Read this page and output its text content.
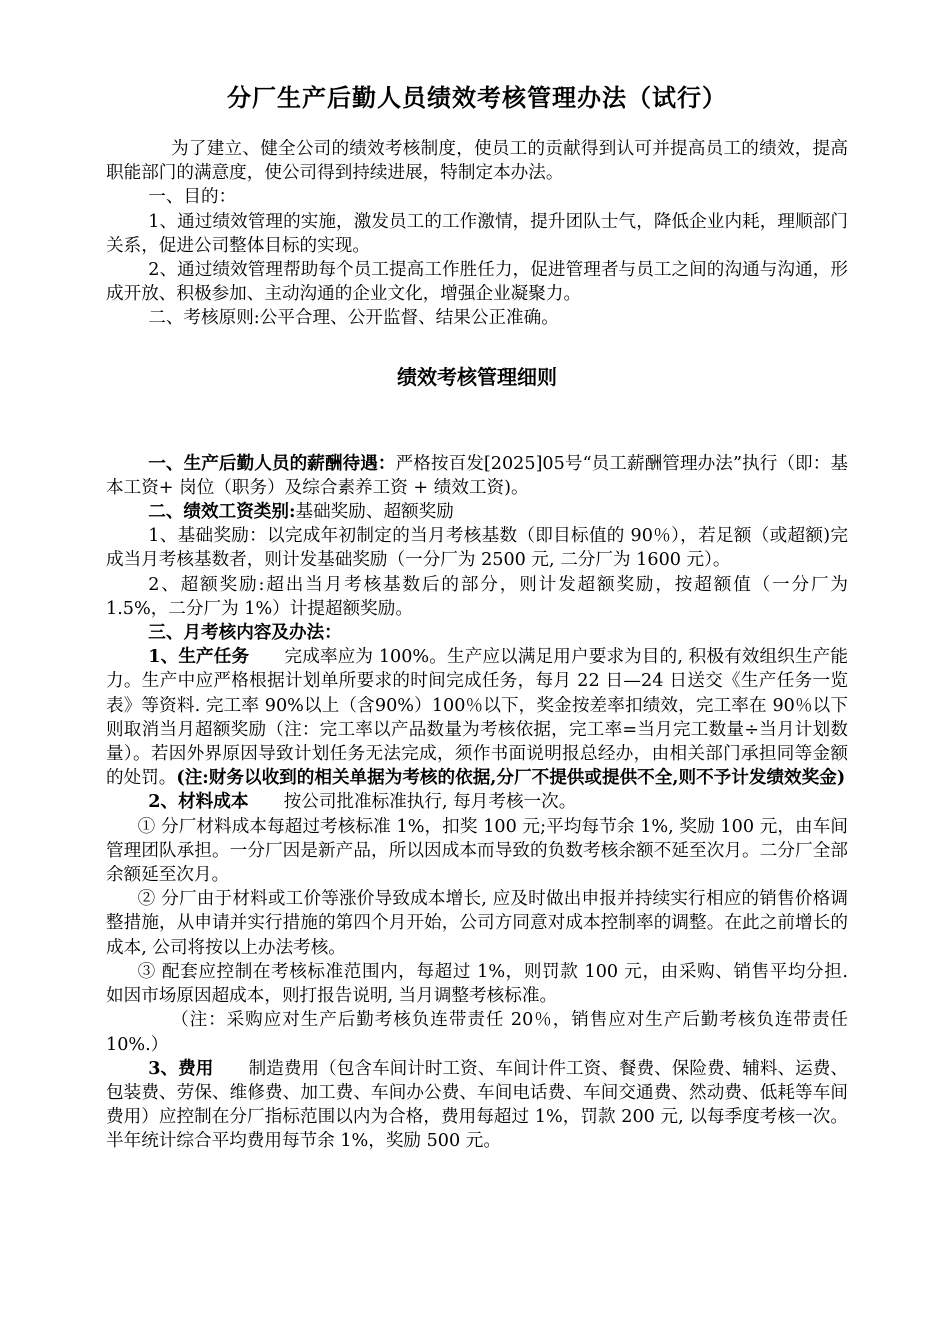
分厂生产后勤人员绩效考核管理办法（试行）

为了建立、健全公司的绩效考核制度，使员工的贡献得到认可并提高员工的绩效，提高职能部门的满意度，使公司得到持续进展，特制定本办法。

一、目的：

1、通过绩效管理的实施，激发员工的工作激情，提升团队士气，降低企业内耗，理顺部门关系，促进公司整体目标的实现。

2、通过绩效管理帮助每个员工提高工作胜任力，促进管理者与员工之间的沟通与沟通，形成开放、积极参加、主动沟通的企业文化，增强企业凝聚力。

二、考核原则:公平合理、公开监督、结果公正准确。

绩效考核管理细则

一、生产后勤人员的薪酬待遇：严格按百发[2025]05号“员工薪酬管理办法”执行（即：基本工资+ 岗位（职务）及综合素养工资 + 绩效工资)。

二、绩效工资类别:基础奖励、超额奖励

1、基础奖励：以完成年初制定的当月考核基数（即目标值的 90％），若足额（或超额)完成当月考核基数者，则计发基础奖励（一分厂为 2500 元, 二分厂为 1600 元）。

2、超额奖励:超出当月考核基数后的部分，则计发超额奖励，按超额值（一分厂为 1.5%，二分厂为 1%）计提超额奖励。

三、月考核内容及办法：

1、生产任务   完成率应为 100%。生产应以满足用户要求为目的, 积极有效组织生产能力。生产中应严格根据计划单所要求的时间完成任务，每月 22 日—24 日送交《生产任务一览表》等资料. 完工率 90%以上（含90%）100％以下，奖金按差率扣绩效，完工率在 90％以下则取消当月超额奖励（注：完工率以产品数量为考核依据，完工率=当月完工数量÷当月计划数量）。若因外界原因导致计划任务无法完成，须作书面说明报总经办，由相关部门承担同等金额的处罚。(注:财务以收到的相关单据为考核的依据,分厂不提供或提供不全,则不予计发绩效奖金)

2、材料成本   按公司批准标准执行, 每月考核一次。

① 分厂材料成本每超过考核标准 1%，扣奖 100 元;平均每节余 1%, 奖励 100 元，由车间管理团队承担。一分厂因是新产品，所以因成本而导致的负数考核余额不延至次月。二分厂全部余额延至次月。

② 分厂由于材料或工价等涨价导致成本增长, 应及时做出申报并持续实行相应的销售价格调整措施，从申请并实行措施的第四个月开始，公司方同意对成本控制率的调整。在此之前增长的成本, 公司将按以上办法考核。

③ 配套应控制在考核标准范围内，每超过 1%，则罚款 100 元，由采购、销售平均分担. 如因市场原因超成本，则打报告说明, 当月调整考核标准。

（注：采购应对生产后勤考核负连带责任 20％，销售应对生产后勤考核负连带责任 10%.）

3、费用   制造费用（包含车间计时工资、车间计件工资、餐费、保险费、辅料、运费、包装费、劳保、维修费、加工费、车间办公费、车间电话费、车间交通费、然动费、低耗等车间费用）应控制在分厂指标范围以内为合格，费用每超过 1%，罚款 200 元, 以每季度考核一次。半年统计综合平均费用每节余 1%，奖励 500 元。
